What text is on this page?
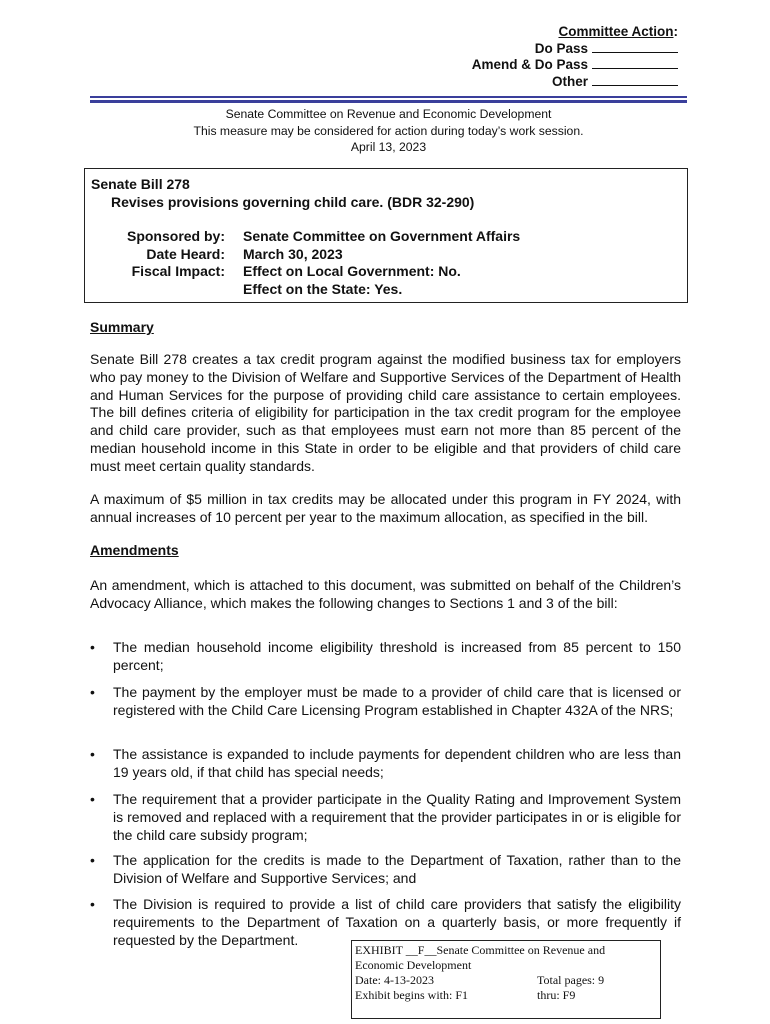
Committee Action:
Do Pass
Amend & Do Pass
Other
Senate Committee on Revenue and Economic Development
This measure may be considered for action during today’s work session.
April 13, 2023
Senate Bill 278
Revises provisions governing child care. (BDR 32-290)
Sponsored by: Senate Committee on Government Affairs
Date Heard: March 30, 2023
Fiscal Impact: Effect on Local Government: No.
Effect on the State: Yes.
Summary
Senate Bill 278 creates a tax credit program against the modified business tax for employers who pay money to the Division of Welfare and Supportive Services of the Department of Health and Human Services for the purpose of providing child care assistance to certain employees. The bill defines criteria of eligibility for participation in the tax credit program for the employee and child care provider, such as that employees must earn not more than 85 percent of the median household income in this State in order to be eligible and that providers of child care must meet certain quality standards.
A maximum of $5 million in tax credits may be allocated under this program in FY 2024, with annual increases of 10 percent per year to the maximum allocation, as specified in the bill.
Amendments
An amendment, which is attached to this document, was submitted on behalf of the Children’s Advocacy Alliance, which makes the following changes to Sections 1 and 3 of the bill:
•	The median household income eligibility threshold is increased from 85 percent to 150 percent;
•	The payment by the employer must be made to a provider of child care that is licensed or registered with the Child Care Licensing Program established in Chapter 432A of the NRS;
•	The assistance is expanded to include payments for dependent children who are less than 19 years old, if that child has special needs;
•	The requirement that a provider participate in the Quality Rating and Improvement System is removed and replaced with a requirement that the provider participates in or is eligible for the child care subsidy program;
•	The application for the credits is made to the Department of Taxation, rather than to the Division of Welfare and Supportive Services; and
•	The Division is required to provide a list of child care providers that satisfy the eligibility requirements to the Department of Taxation on a quarterly basis, or more frequently if requested by the Department.
EXHIBIT __F__Senate Committee on Revenue and
Economic Development
Date: 4-13-2023	Total pages: 9
Exhibit begins with: F1	thru: F9
